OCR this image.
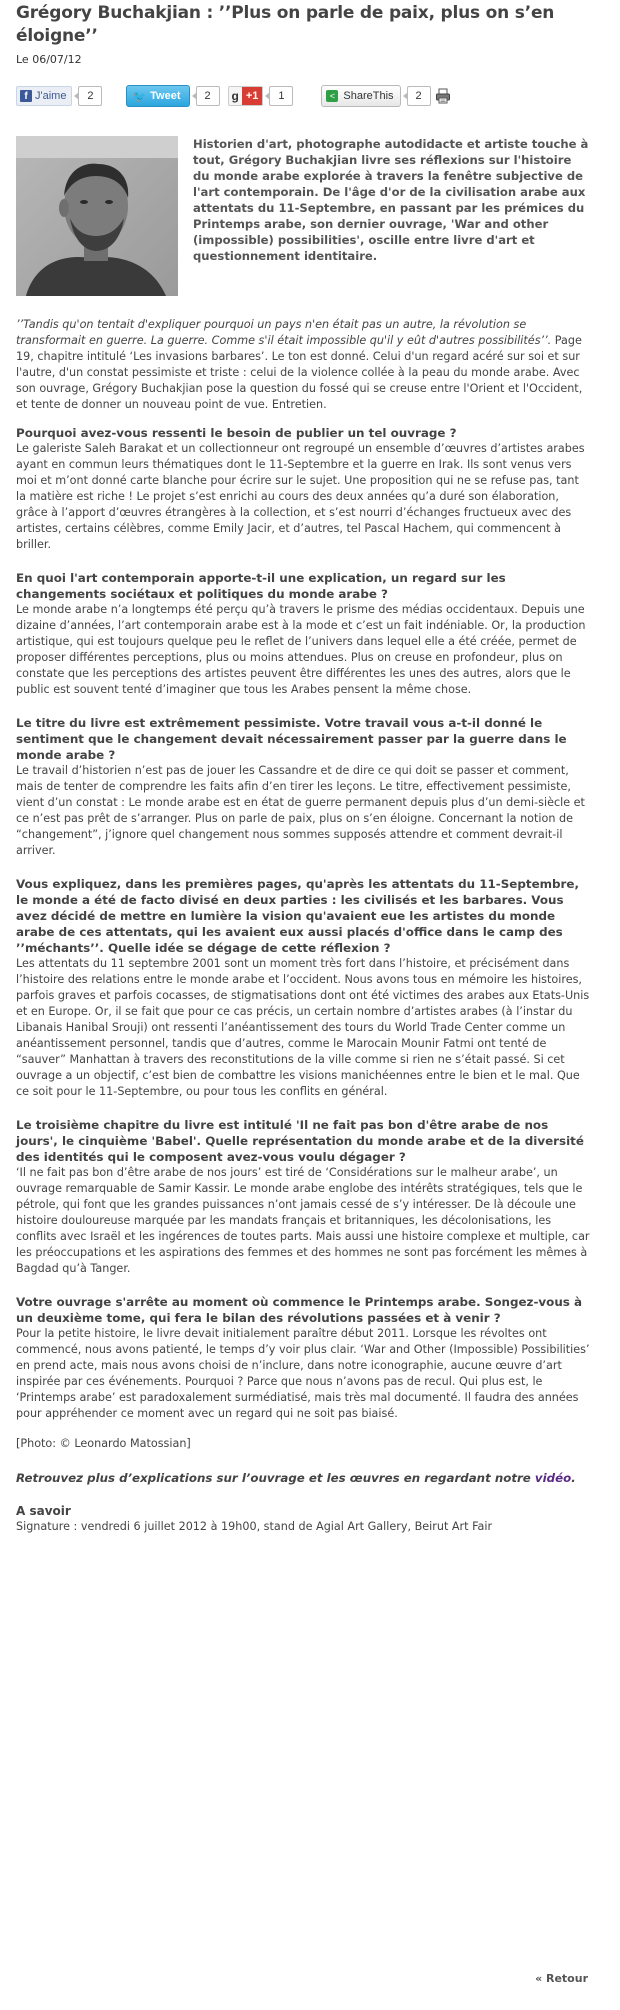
Grégory Buchakjian : ’’Plus on parle de paix, plus on s’en éloigne’’
Le 06/07/12
f J'aime	2	🐦 Tweet	2	g +1	1	< ShareThis	2
Historien d'art, photographe autodidacte et artiste touche à tout, Grégory Buchakjian livre ses réflexions sur l'histoire du monde arabe explorée à travers la fenêtre subjective de l'art contemporain. De l'âge d'or de la civilisation arabe aux attentats du 11-Septembre, en passant par les prémices du Printemps arabe, son dernier ouvrage, 'War and other (impossible) possibilities', oscille entre livre d'art et questionnement identitaire.
’’Tandis qu'on tentait d'expliquer pourquoi un pays n'en était pas un autre, la révolution se transformait en guerre. La guerre. Comme s'il était impossible qu'il y eût d'autres possibilités’’. Page 19, chapitre intitulé ‘Les invasions barbares’. Le ton est donné. Celui d'un regard acéré sur soi et sur l'autre, d'un constat pessimiste et triste : celui de la violence collée à la peau du monde arabe. Avec son ouvrage, Grégory Buchakjian pose la question du fossé qui se creuse entre l'Orient et l'Occident, et tente de donner un nouveau point de vue. Entretien.
Pourquoi avez-vous ressenti le besoin de publier un tel ouvrage ?
Le galeriste Saleh Barakat et un collectionneur ont regroupé un ensemble d’œuvres d’artistes arabes ayant en commun leurs thématiques dont le 11-Septembre et la guerre en Irak. Ils sont venus vers moi et m’ont donné carte blanche pour écrire sur le sujet. Une proposition qui ne se refuse pas, tant la matière est riche ! Le projet s’est enrichi au cours des deux années qu’a duré son élaboration, grâce à l’apport d’œuvres étrangères à la collection, et s’est nourri d’échanges fructueux avec des artistes, certains célèbres, comme Emily Jacir, et d’autres, tel Pascal Hachem, qui commencent à briller.
En quoi l'art contemporain apporte-t-il une explication, un regard sur les changements sociétaux et politiques du monde arabe ?
Le monde arabe n’a longtemps été perçu qu’à travers le prisme des médias occidentaux. Depuis une dizaine d’années, l’art contemporain arabe est à la mode et c’est un fait indéniable. Or, la production artistique, qui est toujours quelque peu le reflet de l’univers dans lequel elle a été créée, permet de proposer différentes perceptions, plus ou moins attendues. Plus on creuse en profondeur, plus on constate que les perceptions des artistes peuvent être différentes les unes des autres, alors que le public est souvent tenté d’imaginer que tous les Arabes pensent la même chose.
Le titre du livre est extrêmement pessimiste. Votre travail vous a-t-il donné le sentiment que le changement devait nécessairement passer par la guerre dans le monde arabe ?
Le travail d’historien n’est pas de jouer les Cassandre et de dire ce qui doit se passer et comment, mais de tenter de comprendre les faits afin d’en tirer les leçons. Le titre, effectivement pessimiste, vient d’un constat : Le monde arabe est en état de guerre permanent depuis plus d’un demi-siècle et ce n’est pas prêt de s’arranger. Plus on parle de paix, plus on s’en éloigne. Concernant la notion de “changement”, j’ignore quel changement nous sommes supposés attendre et comment devrait-il arriver.
Vous expliquez, dans les premières pages, qu'après les attentats du 11-Septembre, le monde a été de facto divisé en deux parties : les civilisés et les barbares. Vous avez décidé de mettre en lumière la vision qu'avaient eue les artistes du monde arabe de ces attentats, qui les avaient eux aussi placés d'office dans le camp des ’’méchants’’. Quelle idée se dégage de cette réflexion ?
Les attentats du 11 septembre 2001 sont un moment très fort dans l’histoire, et précisément dans l’histoire des relations entre le monde arabe et l’occident. Nous avons tous en mémoire les histoires, parfois graves et parfois cocasses, de stigmatisations dont ont été victimes des arabes aux Etats-Unis et en Europe. Or, il se fait que pour ce cas précis, un certain nombre d’artistes arabes (à l’instar du Libanais Hanibal Srouji) ont ressenti l’anéantissement des tours du World Trade Center comme un anéantissement personnel, tandis que d’autres, comme le Marocain Mounir Fatmi ont tenté de “sauver” Manhattan à travers des reconstitutions de la ville comme si rien ne s’était passé. Si cet ouvrage a un objectif, c’est bien de combattre les visions manichéennes entre le bien et le mal. Que ce soit pour le 11-Septembre, ou pour tous les conflits en général.
Le troisième chapitre du livre est intitulé 'Il ne fait pas bon d'être arabe de nos jours', le cinquième 'Babel'. Quelle représentation du monde arabe et de la diversité des identités qui le composent avez-vous voulu dégager ?
‘Il ne fait pas bon d’être arabe de nos jours’ est tiré de ‘Considérations sur le malheur arabe’, un ouvrage remarquable de Samir Kassir. Le monde arabe englobe des intérêts stratégiques, tels que le pétrole, qui font que les grandes puissances n’ont jamais cessé de s’y intéresser. De là découle une histoire douloureuse marquée par les mandats français et britanniques, les décolonisations, les conflits avec Israël et les ingérences de toutes parts. Mais aussi une histoire complexe et multiple, car les préoccupations et les aspirations des femmes et des hommes ne sont pas forcément les mêmes à Bagdad qu’à Tanger.
Votre ouvrage s'arrête au moment où commence le Printemps arabe. Songez-vous à un deuxième tome, qui fera le bilan des révolutions passées et à venir ?
Pour la petite histoire, le livre devait initialement paraître début 2011. Lorsque les révoltes ont commencé, nous avons patienté, le temps d’y voir plus clair. ‘War and Other (Impossible) Possibilities’ en prend acte, mais nous avons choisi de n’inclure, dans notre iconographie, aucune œuvre d’art inspirée par ces événements. Pourquoi ? Parce que nous n’avons pas de recul. Qui plus est, le ‘Printemps arabe’ est paradoxalement surmédiatisé, mais très mal documenté. Il faudra des années pour appréhender ce moment avec un regard qui ne soit pas biaisé.
[Photo: © Leonardo Matossian]
Retrouvez plus d’explications sur l’ouvrage et les œuvres en regardant notre vidéo.
A savoir
Signature : vendredi 6 juillet 2012 à 19h00, stand de Agial Art Gallery, Beirut Art Fair
« Retour
